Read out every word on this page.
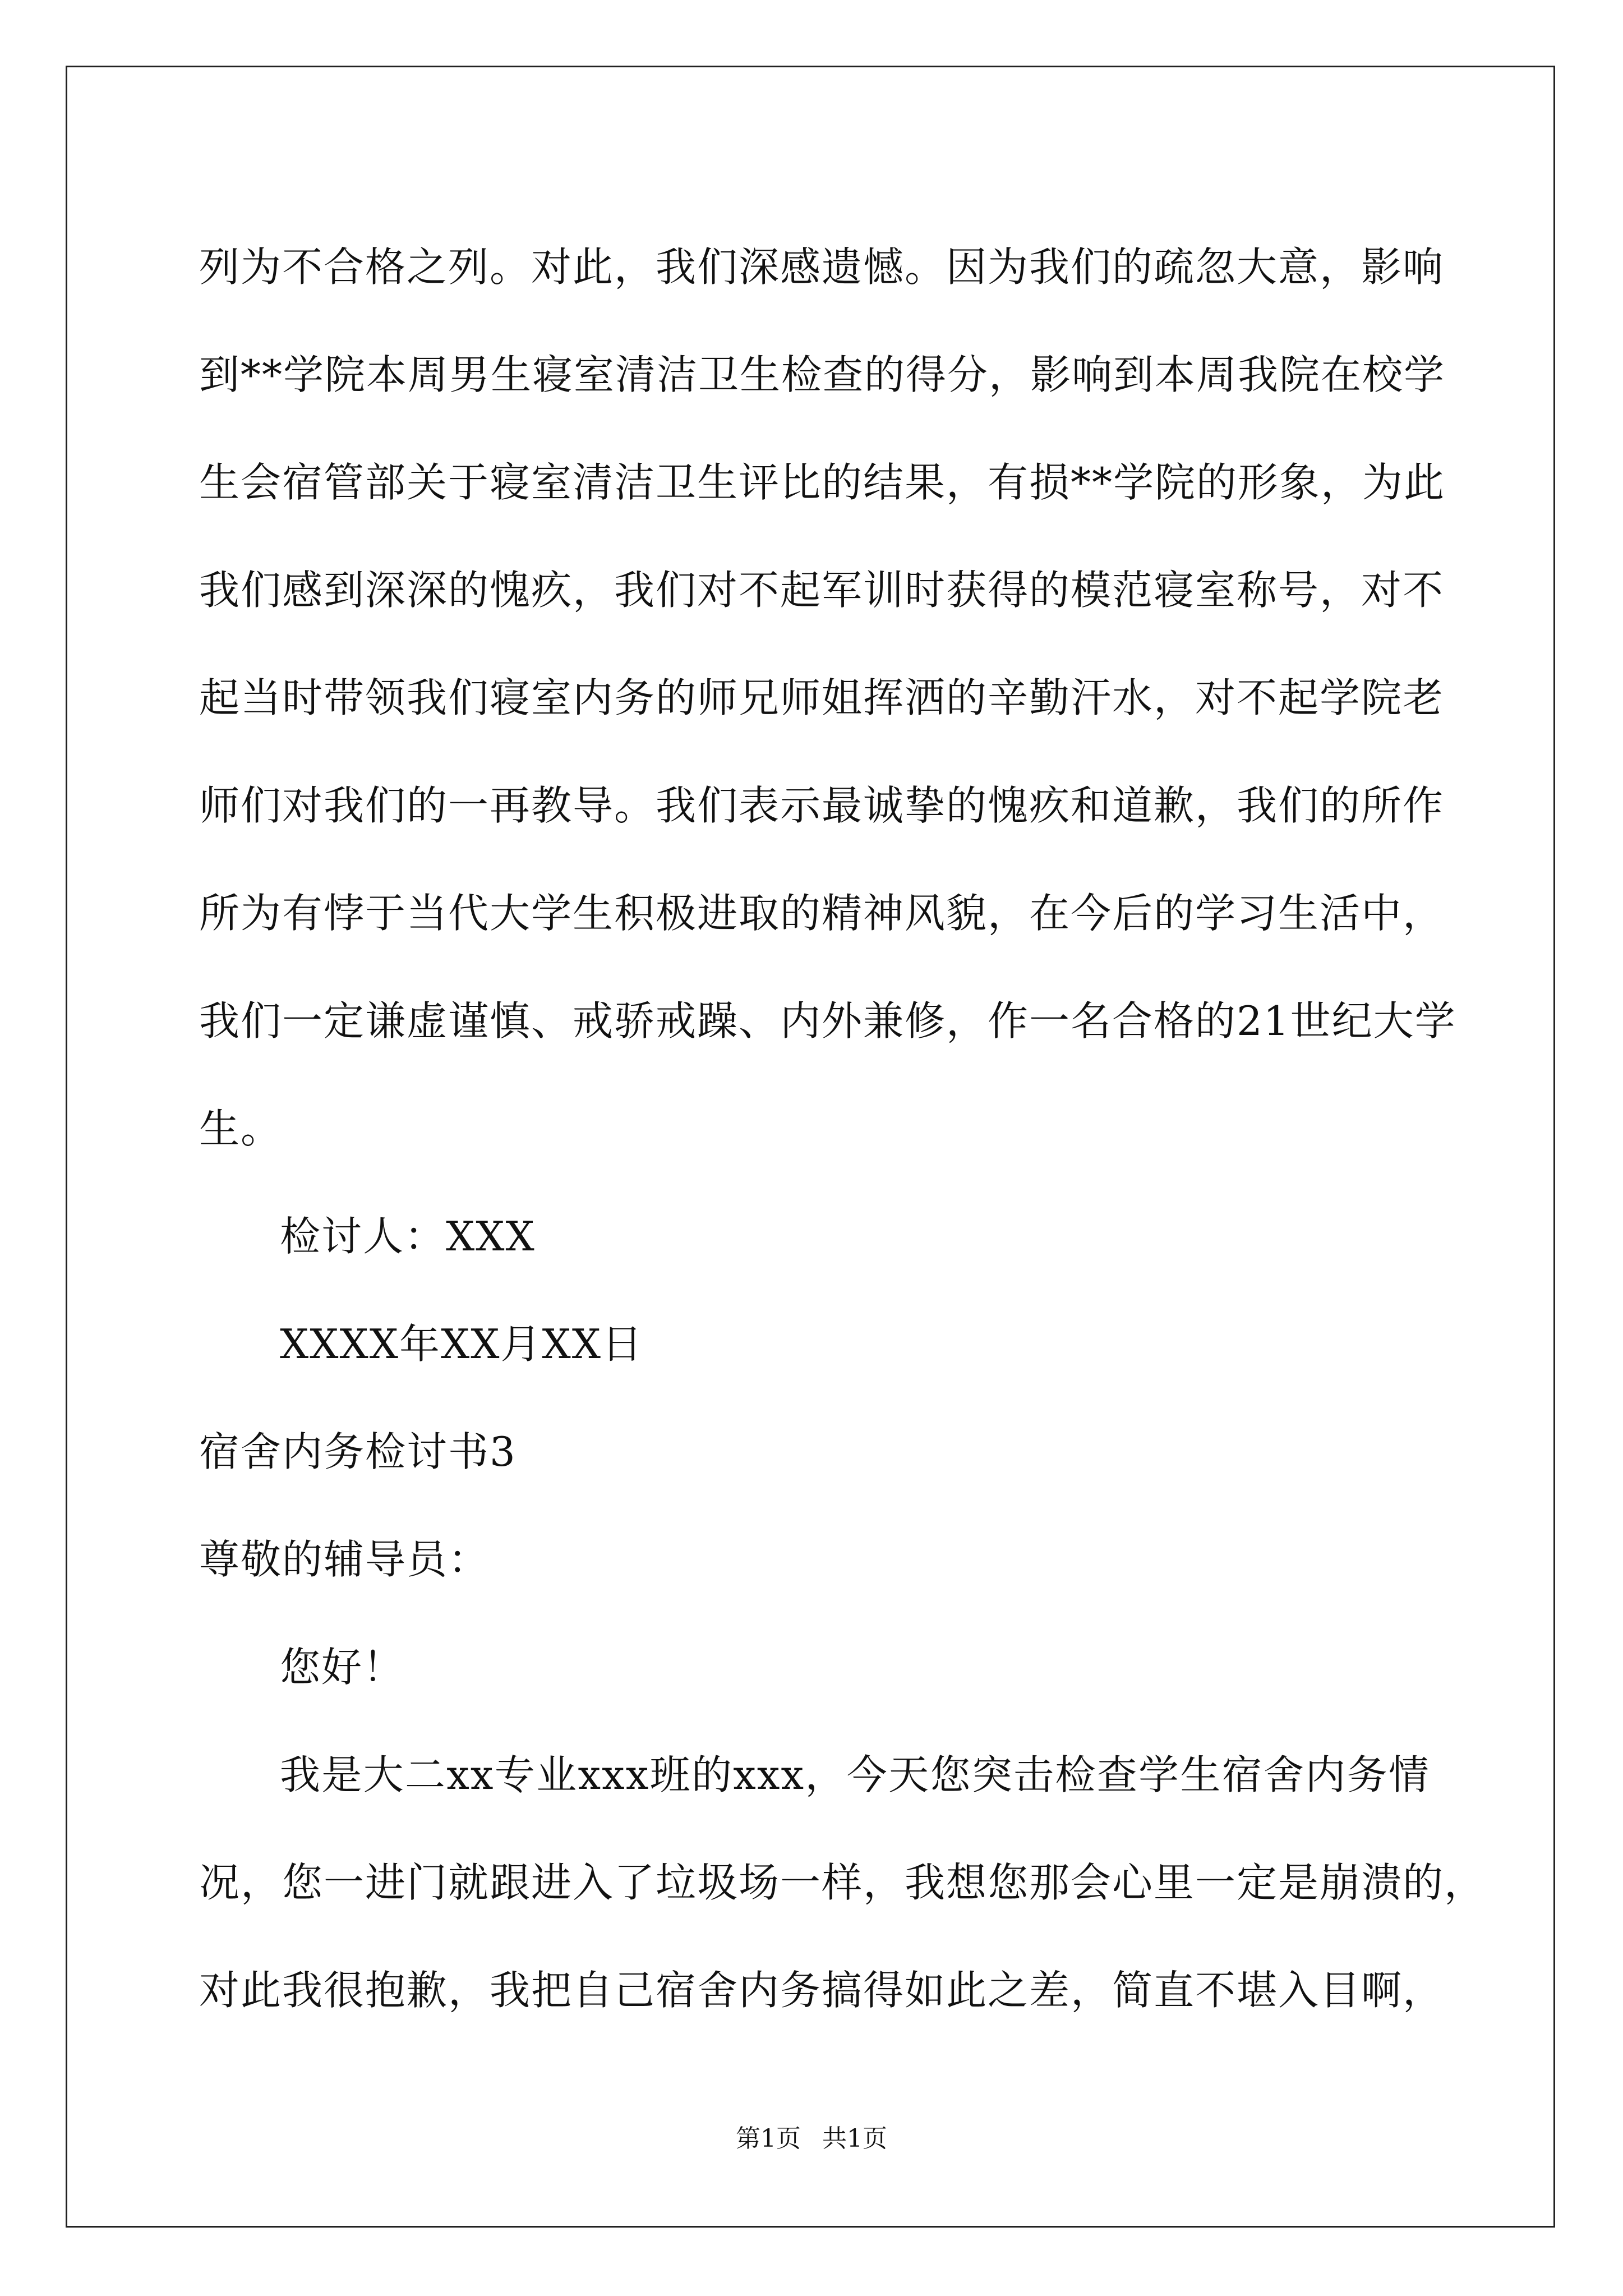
列为不合格之列。对此，我们深感遗憾。因为我们的疏忽大意，影响
到**学院本周男生寝室清洁卫生检查的得分，影响到本周我院在校学
生会宿管部关于寝室清洁卫生评比的结果，有损**学院的形象，为此
我们感到深深的愧疚，我们对不起军训时获得的模范寝室称号，对不
起当时带领我们寝室内务的师兄师姐挥洒的辛勤汗水，对不起学院老
师们对我们的一再教导。我们表示最诚挚的愧疚和道歉，我们的所作
所为有悖于当代大学生积极进取的精神风貌，在今后的学习生活中，
我们一定谦虚谨慎、戒骄戒躁、内外兼修，作一名合格的21世纪大学
生。
检讨人：XXX
XXXX年XX月XX日
宿舍内务检讨书3
尊敬的辅导员：
您好！
我是大二xx专业xxx班的xxx，今天您突击检查学生宿舍内务情
况，您一进门就跟进入了垃圾场一样，我想您那会心里一定是崩溃的，
对此我很抱歉，我把自己宿舍内务搞得如此之差，简直不堪入目啊，
第1页 共1页
